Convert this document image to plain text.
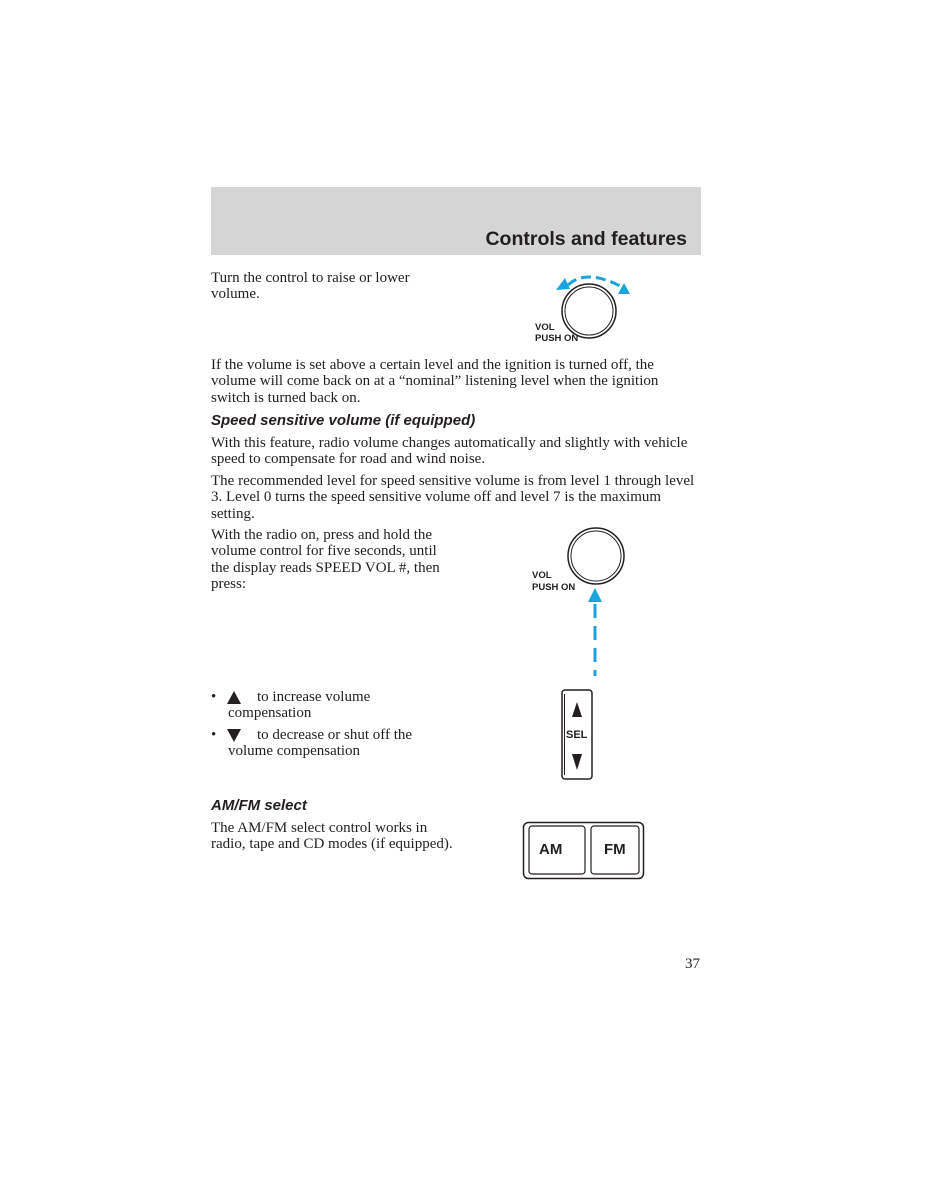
Controls and features

Turn the control to raise or lower volume.

VOL
PUSH ON

If the volume is set above a certain level and the ignition is turned off, the volume will come back on at a “nominal” listening level when the ignition switch is turned back on.

Speed sensitive volume (if equipped)

With this feature, radio volume changes automatically and slightly with vehicle speed to compensate for road and wind noise.

The recommended level for speed sensitive volume is from level 1 through level 3. Level 0 turns the speed sensitive volume off and level 7 is the maximum setting.

With the radio on, press and hold the volume control for five seconds, until the display reads SPEED VOL #, then press:

VOL
PUSH ON
•	to increase volume compensation
•	to decrease or shut off the volume compensation
SEL

AM/FM select

The AM/FM select control works in radio, tape and CD modes (if equipped).	AM	FM
37
